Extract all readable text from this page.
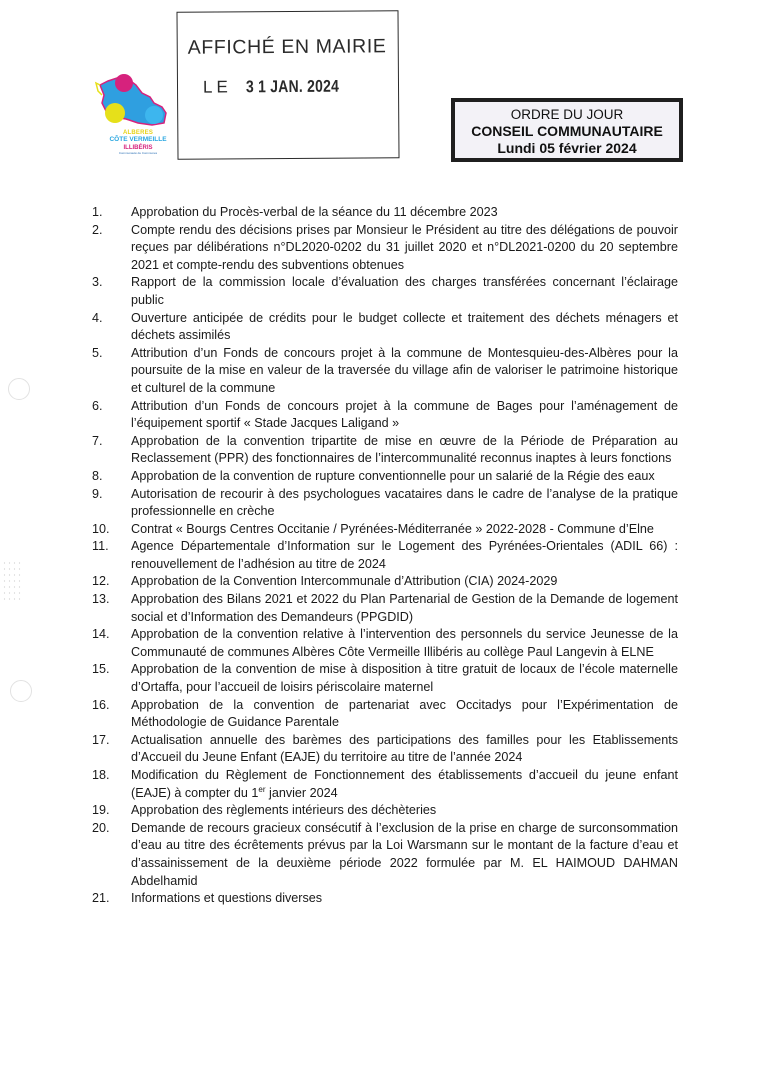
ALBERES
CÔTE VERMEILLE
ILLIBÉRIS
Communauté de Communes
AFFICHÉ EN MAIRIE
LE 3 1 JAN. 2024
ORDRE DU JOUR
CONSEIL COMMUNAUTAIRE
Lundi 05 février 2024
1.	Approbation du Procès-verbal de la séance du 11 décembre 2023
2.	Compte rendu des décisions prises par Monsieur le Président au titre des délégations de pouvoir reçues par délibérations n°DL2020-0202 du 31 juillet 2020 et n°DL2021-0200 du 20 septembre 2021 et compte-rendu des subventions obtenues
3.	Rapport de la commission locale d’évaluation des charges transférées concernant l’éclairage public
4.	Ouverture anticipée de crédits pour le budget collecte et traitement des déchets ménagers et déchets assimilés
5.	Attribution d’un Fonds de concours projet à la commune de Montesquieu-des-Albères pour la poursuite de la mise en valeur de la traversée du village afin de valoriser le patrimoine historique et culturel de la commune
6.	Attribution d’un Fonds de concours projet à la commune de Bages pour l’aménagement de l’équipement sportif « Stade Jacques Laligand »
7.	Approbation de la convention tripartite de mise en œuvre de la Période de Préparation au Reclassement (PPR) des fonctionnaires de l’intercommunalité reconnus inaptes à leurs fonctions
8.	Approbation de la convention de rupture conventionnelle pour un salarié de la Régie des eaux
9.	Autorisation de recourir à des psychologues vacataires dans le cadre de l’analyse de la pratique professionnelle en crèche
10.	Contrat « Bourgs Centres Occitanie / Pyrénées-Méditerranée » 2022-2028 - Commune d’Elne
11.	Agence Départementale d’Information sur le Logement des Pyrénées-Orientales (ADIL 66) : renouvellement de l’adhésion au titre de 2024
12.	Approbation de la Convention Intercommunale d’Attribution (CIA) 2024-2029
13.	Approbation des Bilans 2021 et 2022 du Plan Partenarial de Gestion de la Demande de logement social et d’Information des Demandeurs (PPGDID)
14.	Approbation de la convention relative à l’intervention des personnels du service Jeunesse de la Communauté de communes Albères Côte Vermeille Illibéris au collège Paul Langevin à ELNE
15.	Approbation de la convention de mise à disposition à titre gratuit de locaux de l’école maternelle d’Ortaffa, pour l’accueil de loisirs périscolaire maternel
16.	Approbation de la convention de partenariat avec Occitadys pour l’Expérimentation de Méthodologie de Guidance Parentale
17.	Actualisation annuelle des barèmes des participations des familles pour les Etablissements d’Accueil du Jeune Enfant (EAJE) du territoire au titre de l’année 2024
18.	Modification du Règlement de Fonctionnement des établissements d’accueil du jeune enfant (EAJE) à compter du 1er janvier 2024
19.	Approbation des règlements intérieurs des déchèteries
20.	Demande de recours gracieux consécutif à l’exclusion de la prise en charge de surconsommation d’eau au titre des écrêtements prévus par la Loi Warsmann sur le montant de la facture d’eau et d’assainissement de la deuxième période 2022 formulée par M. EL HAIMOUD DAHMAN Abdelhamid
21.	Informations et questions diverses
